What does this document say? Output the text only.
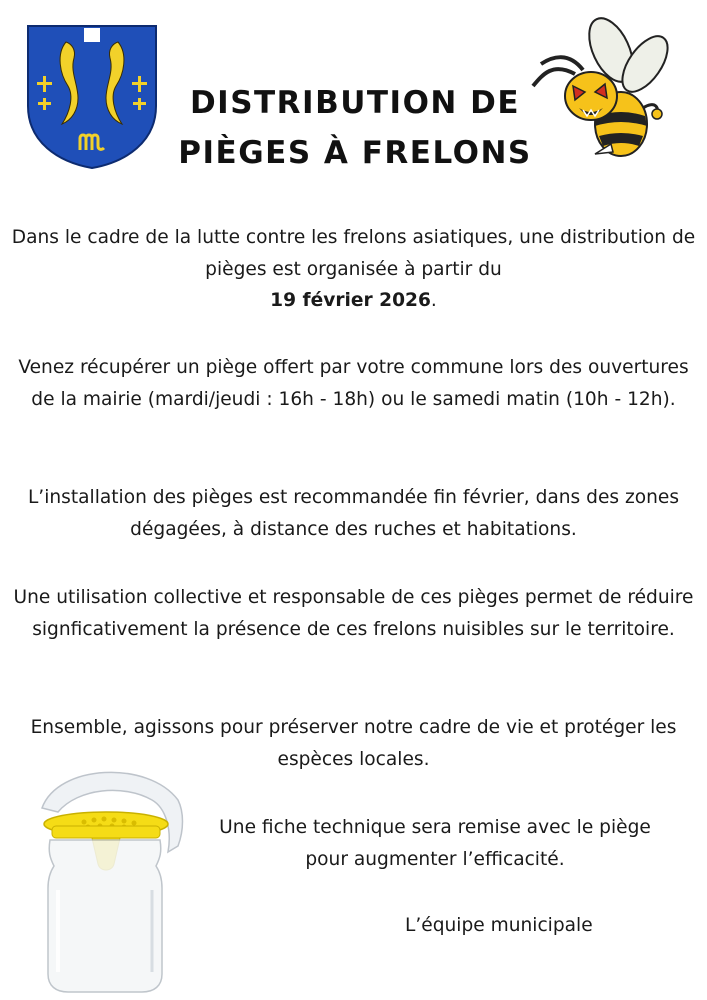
DISTRIBUTION DE
PIÈGES À FRELONS

Dans le cadre de la lutte contre les frelons asiatiques, une distribution de pièges est organisée à partir du
19 février 2026.

Venez récupérer un piège offert par votre commune lors des ouvertures de la mairie (mardi/jeudi : 16h - 18h) ou le samedi matin (10h - 12h).

L’installation des pièges est recommandée fin février, dans des zones dégagées, à distance des ruches et habitations.

Une utilisation collective et responsable de ces pièges permet de réduire signficativement la présence de ces frelons nuisibles sur le territoire.

Ensemble, agissons pour préserver notre cadre de vie et protéger les espèces locales.

Une fiche technique sera remise avec le piège pour augmenter l’efficacité.

L’équipe municipale
